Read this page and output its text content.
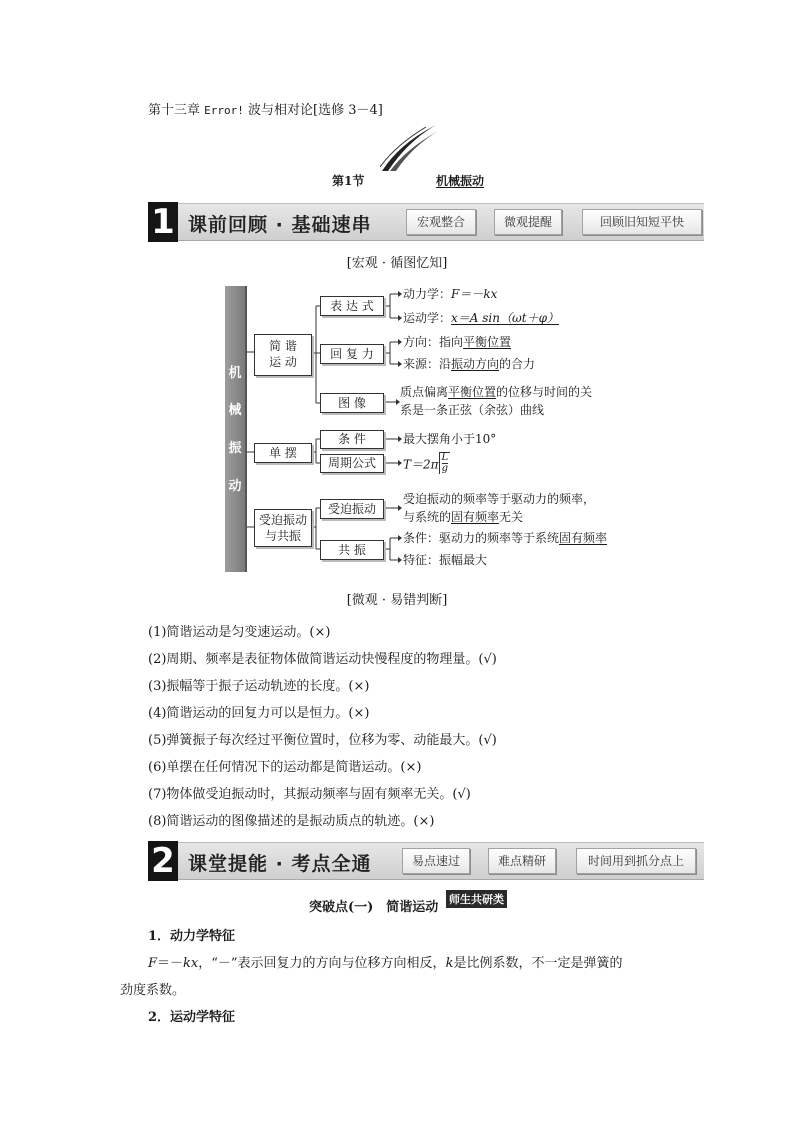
第十三章 Error! 波与相对论[选修 3－4]
第1节	机械振动
1 课前回顾 · 基础速串	宏观整合	微观提醒	回顾旧知短平快
[宏观 · 循图忆知]
机
械
振
动
简 谐
运 动
单 摆
受迫振动
与共振
表 达 式
回 复 力
图 像
条 件
周期公式
受迫振动
共 振
动力学：F＝－kx
运动学：x＝A sin（ωt＋φ）
方向：指向平衡位置
来源：沿振动方向的合力
质点偏离平衡位置的位移与时间的关
系是一条正弦（余弦）曲线
最大摆角小于10°
$T=2\pi \frac{L}{g}$
受迫振动的频率等于驱动力的频率，
与系统的固有频率无关
条件：驱动力的频率等于系统固有频率
特征：振幅最大
[微观 · 易错判断]
(1)简谐运动是匀变速运动。(×)
(2)周期、频率是表征物体做简谐运动快慢程度的物理量。(√)
(3)振幅等于振子运动轨迹的长度。(×)
(4)简谐运动的回复力可以是恒力。(×)
(5)弹簧振子每次经过平衡位置时，位移为零、动能最大。(√)
(6)单摆在任何情况下的运动都是简谐运动。(×)
(7)物体做受迫振动时，其振动频率与固有频率无关。(√)
(8)简谐运动的图像描述的是振动质点的轨迹。(×)
2 课堂提能 · 考点全通	易点速过	难点精研	时间用到抓分点上
突破点(一)　简谐运动
师生共研类
1．动力学特征
F＝－kx，“－”表示回复力的方向与位移方向相反，k是比例系数，不一定是弹簧的
劲度系数。
2．运动学特征
